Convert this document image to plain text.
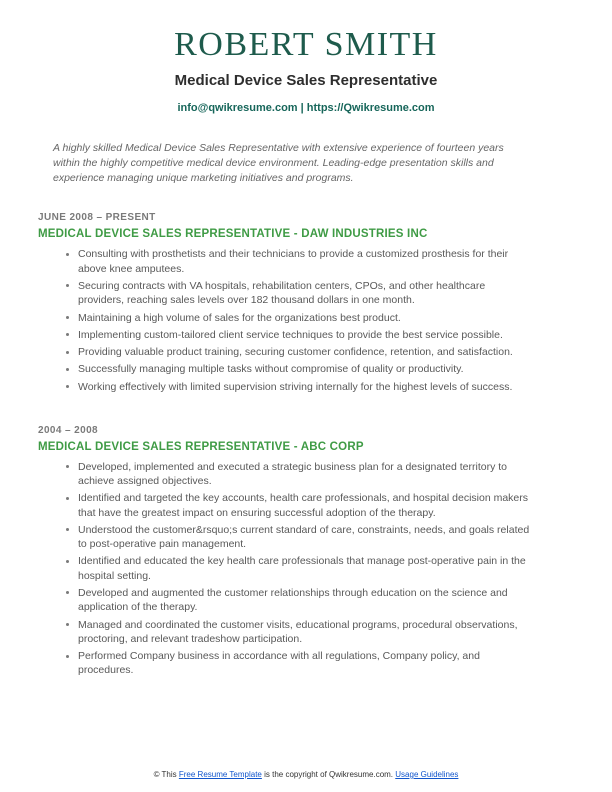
ROBERT SMITH
Medical Device Sales Representative
info@qwikresume.com | https://Qwikresume.com

A highly skilled Medical Device Sales Representative with extensive experience of fourteen years within the highly competitive medical device environment. Leading-edge presentation skills and experience managing unique marketing initiatives and programs.

JUNE 2008 – PRESENT
MEDICAL DEVICE SALES REPRESENTATIVE - DAW INDUSTRIES INC
Consulting with prosthetists and their technicians to provide a customized prosthesis for their above knee amputees.
Securing contracts with VA hospitals, rehabilitation centers, CPOs, and other healthcare providers, reaching sales levels over 182 thousand dollars in one month.
Maintaining a high volume of sales for the organizations best product.
Implementing custom-tailored client service techniques to provide the best service possible.
Providing valuable product training, securing customer confidence, retention, and satisfaction.
Successfully managing multiple tasks without compromise of quality or productivity.
Working effectively with limited supervision striving internally for the highest levels of success.
2004 – 2008
MEDICAL DEVICE SALES REPRESENTATIVE - ABC CORP
Developed, implemented and executed a strategic business plan for a designated territory to achieve assigned objectives.
Identified and targeted the key accounts, health care professionals, and hospital decision makers that have the greatest impact on ensuring successful adoption of the therapy.
Understood the customer&rsquo;s current standard of care, constraints, needs, and goals related to post-operative pain management.
Identified and educated the key health care professionals that manage post-operative pain in the hospital setting.
Developed and augmented the customer relationships through education on the science and application of the therapy.
Managed and coordinated the customer visits, educational programs, procedural observations, proctoring, and relevant tradeshow participation.
Performed Company business in accordance with all regulations, Company policy, and procedures.
© This Free Resume Template is the copyright of Qwikresume.com. Usage Guidelines
